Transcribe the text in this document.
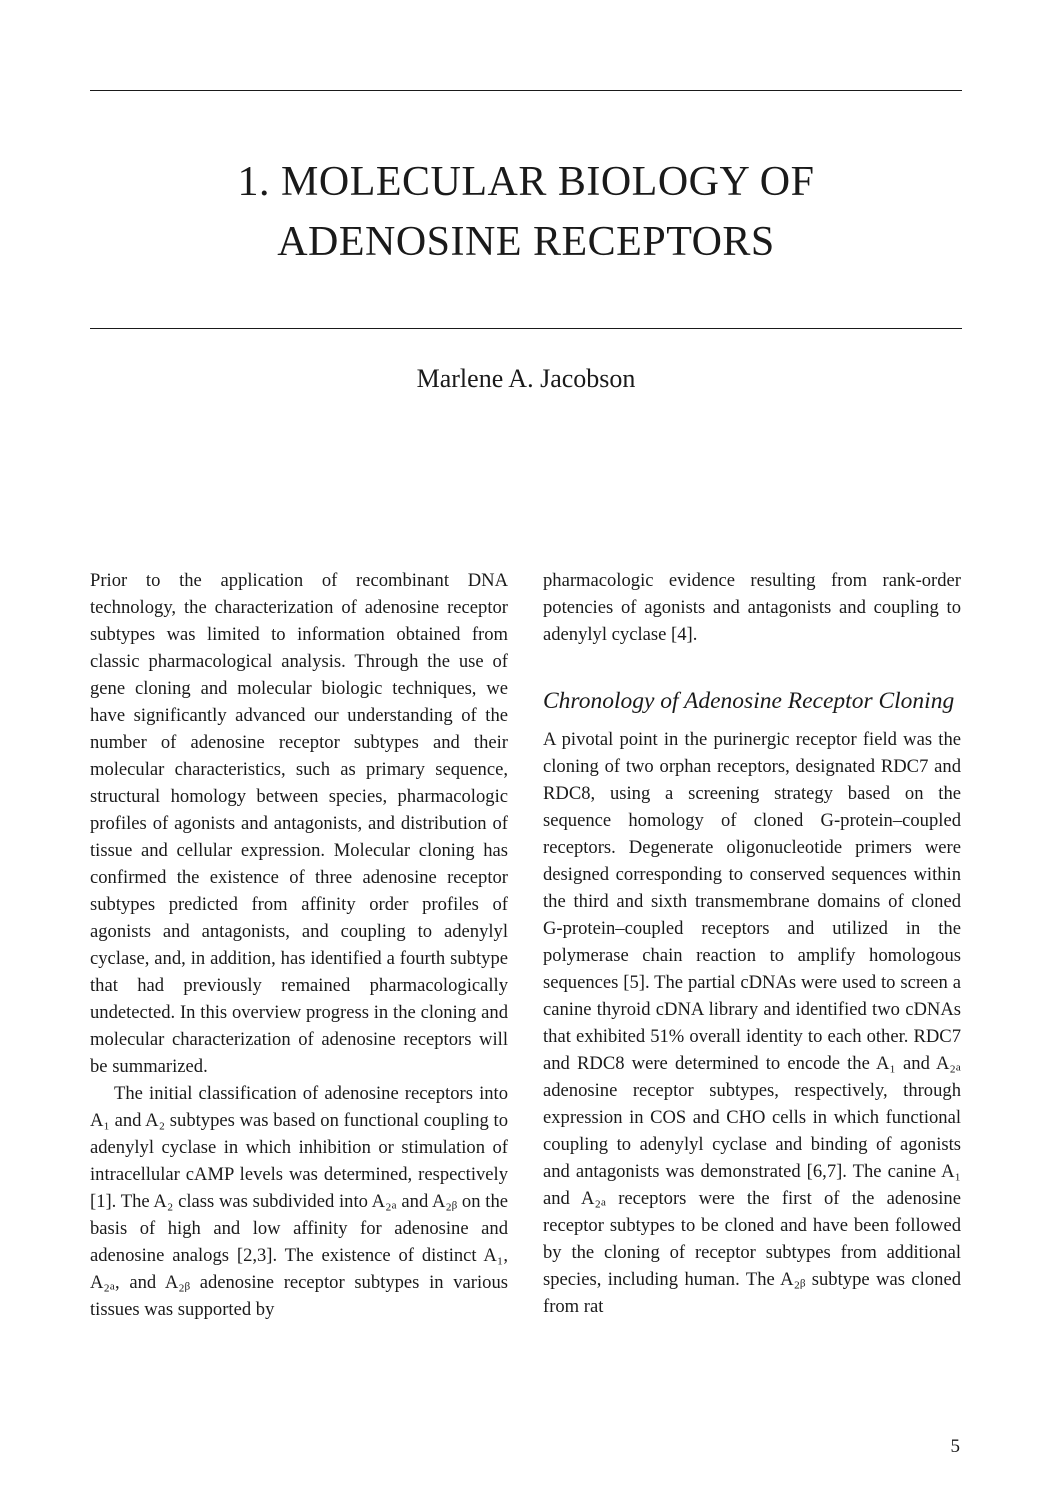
1. MOLECULAR BIOLOGY OF
ADENOSINE RECEPTORS

Marlene A. Jacobson

Prior to the application of recombinant DNA technology, the characterization of adenosine receptor subtypes was limited to information obtained from classic pharmacological analysis. Through the use of gene cloning and molecular biologic techniques, we have significantly advanced our understanding of the number of adenosine receptor subtypes and their molecular characteristics, such as primary sequence, structural homology between species, pharmacologic profiles of agonists and antagonists, and distribution of tissue and cellular expression. Molecular cloning has confirmed the existence of three adenosine receptor subtypes predicted from affinity order profiles of agonists and antagonists, and coupling to adenylyl cyclase, and, in addition, has identified a fourth subtype that had previously remained pharmacologically undetected. In this overview progress in the cloning and molecular characterization of adenosine receptors will be summarized.

The initial classification of adenosine receptors into A₁ and A₂ subtypes was based on functional coupling to adenylyl cyclase in which inhibition or stimulation of intracellular cAMP levels was determined, respectively [1]. The A₂ class was subdivided into A₂ₐ and A₂ᵦ on the basis of high and low affinity for adenosine and adenosine analogs [2,3]. The existence of distinct A₁, A₂ₐ, and A₂ᵦ adenosine receptor subtypes in various tissues was supported by

pharmacologic evidence resulting from rank-order potencies of agonists and antagonists and coupling to adenylyl cyclase [4].

Chronology of Adenosine Receptor Cloning

A pivotal point in the purinergic receptor field was the cloning of two orphan receptors, designated RDC7 and RDC8, using a screening strategy based on the sequence homology of cloned G-protein–coupled receptors. Degenerate oligonucleotide primers were designed corresponding to conserved sequences within the third and sixth transmembrane domains of cloned G-protein–coupled receptors and utilized in the polymerase chain reaction to amplify homologous sequences [5]. The partial cDNAs were used to screen a canine thyroid cDNA library and identified two cDNAs that exhibited 51% overall identity to each other. RDC7 and RDC8 were determined to encode the A₁ and A₂ₐ adenosine receptor subtypes, respectively, through expression in COS and CHO cells in which functional coupling to adenylyl cyclase and binding of agonists and antagonists was demonstrated [6,7]. The canine A₁ and A₂ₐ receptors were the first of the adenosine receptor subtypes to be cloned and have been followed by the cloning of receptor subtypes from additional species, including human. The A₂ᵦ subtype was cloned from rat

5
